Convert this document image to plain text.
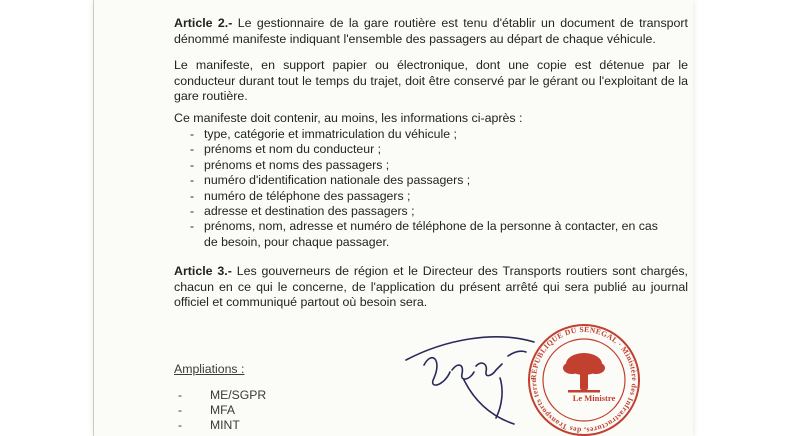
Article 2.- Le gestionnaire de la gare routière est tenu d'établir un document de transport dénommé manifeste indiquant l'ensemble des passagers au départ de chaque véhicule.

Le manifeste, en support papier ou électronique, dont une copie est détenue par le conducteur durant tout le temps du trajet, doit être conservé par le gérant ou l'exploitant de la gare routière.

Ce manifeste doit contenir, au moins, les informations ci-après :

- type, catégorie et immatriculation du véhicule ;
- prénoms et nom du conducteur ;
- prénoms et noms des passagers ;
- numéro d'identification nationale des passagers ;
- numéro de téléphone des passagers ;
- adresse et destination des passagers ;
- prénoms, nom, adresse et numéro de téléphone de la personne à contacter, en cas de besoin, pour chaque passager.

Article 3.- Les gouverneurs de région et le Directeur des Transports routiers sont chargés, chacun en ce qui le concerne, de l'application du présent arrêté qui sera publié au journal officiel et communiqué partout où besoin sera.

Ampliations :
- ME/SGPR
- MFA
- MINT
RÉPUBLIQUE DU SÉNÉGAL · Ministère des Infrastructures, des Transports terre
Le Ministre
